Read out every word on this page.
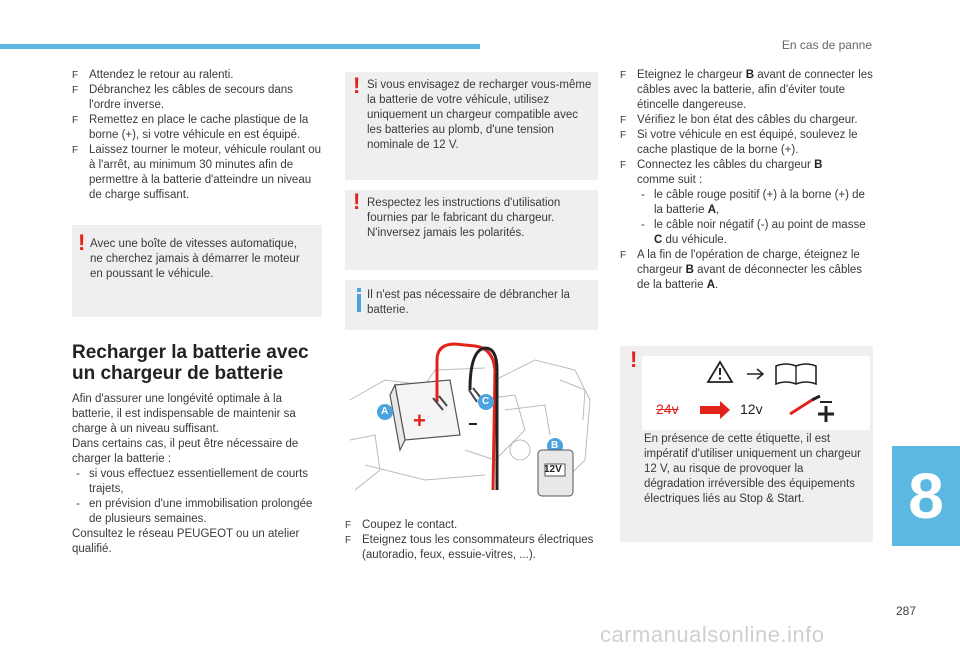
En cas de panne
F Attendez le retour au ralenti.
F Débranchez les câbles de secours dans l'ordre inverse.
F Remettez en place le cache plastique de la borne (+), si votre véhicule en est équipé.
F Laissez tourner le moteur, véhicule roulant ou à l'arrêt, au minimum 30 minutes afin de permettre à la batterie d'atteindre un niveau de charge suffisant.
! Avec une boîte de vitesses automatique, ne cherchez jamais à démarrer le moteur en poussant le véhicule.
Recharger la batterie avec
un chargeur de batterie
Afin d'assurer une longévité optimale à la batterie, il est indispensable de maintenir sa charge à un niveau suffisant.
Dans certains cas, il peut être nécessaire de charger la batterie :
- si vous effectuez essentiellement de courts trajets,
- en prévision d'une immobilisation prolongée de plusieurs semaines.
Consultez le réseau PEUGEOT ou un atelier qualifié.
! Si vous envisagez de recharger vous-même la batterie de votre véhicule, utilisez uniquement un chargeur compatible avec les batteries au plomb, d'une tension nominale de 12 V.
! Respectez les instructions d'utilisation fournies par le fabricant du chargeur. N'inversez jamais les polarités.
Il n'est pas nécessaire de débrancher la batterie.
+
A
C
B
12V
F Coupez le contact.
F Eteignez tous les consommateurs électriques (autoradio, feux, essuie-vitres, ...).
F Eteignez le chargeur B avant de connecter les câbles avec la batterie, afin d'éviter toute étincelle dangereuse.
F Vérifiez le bon état des câbles du chargeur.
F Si votre véhicule en est équipé, soulevez le cache plastique de la borne (+).
F Connectez les câbles du chargeur B
comme suit :
- le câble rouge positif (+) à la borne (+) de la batterie A,
- le câble noir négatif (-) au point de masse C du véhicule.
F A la fin de l'opération de charge, éteignez le chargeur B avant de déconnecter les câbles de la batterie A.
!
24v	12v
En présence de cette étiquette, il est impératif d'utiliser uniquement un chargeur 12 V, au risque de provoquer la dégradation irréversible des équipements électriques liés au Stop & Start.	8
287
carmanualsonline.info
